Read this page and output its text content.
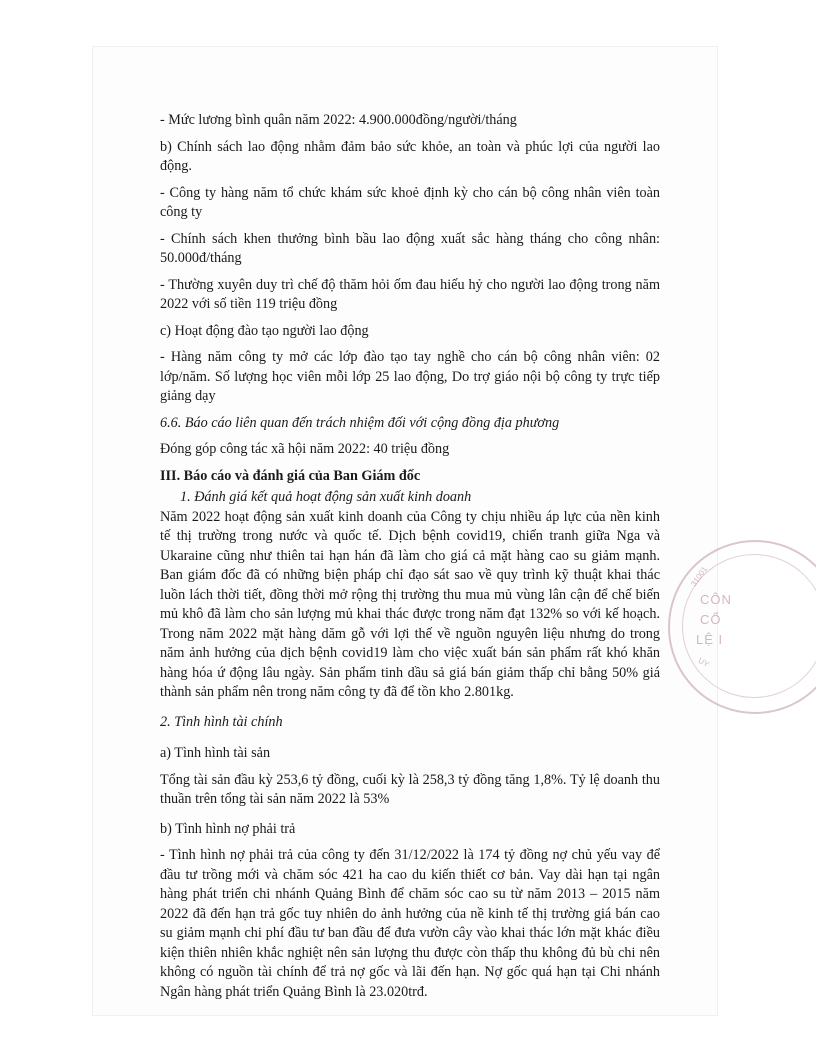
- Mức lương bình quân năm 2022: 4.900.000đồng/người/tháng

b) Chính sách lao động nhằm đảm bảo sức khỏe, an toàn và phúc lợi của người lao động.

- Công ty hàng năm tổ chức khám sức khoẻ định kỳ cho cán bộ công nhân viên toàn công ty

- Chính sách khen thưởng bình bầu lao động xuất sắc hàng tháng cho công nhân: 50.000đ/tháng

- Thường xuyên duy trì chế độ thăm hỏi ốm đau hiếu hỷ cho người lao động trong năm 2022 với số tiền 119 triệu đồng

c) Hoạt động đào tạo người lao động

- Hàng năm công ty mở các lớp đào tạo tay nghề cho cán bộ công nhân viên: 02 lớp/năm. Số lượng học viên mỗi lớp 25 lao động, Do trợ giáo nội bộ công ty trực tiếp giảng dạy

6.6. Báo cáo liên quan đến trách nhiệm đối với cộng đồng địa phương

Đóng góp công tác xã hội năm 2022: 40 triệu đồng

III. Báo cáo và đánh giá của Ban Giám đốc

1. Đánh giá kết quả hoạt động sản xuất kinh doanh

Năm 2022 hoạt động sản xuất kinh doanh của Công ty chịu nhiều áp lực của nền kinh tế thị trường trong nước và quốc tế. Dịch bệnh covid19, chiến tranh giữa Nga và Ukaraine cũng như thiên tai hạn hán đã làm cho giá cả mặt hàng cao su giảm mạnh. Ban giám đốc đã có những biện pháp chỉ đạo sát sao về quy trình kỹ thuật khai thác luồn lách thời tiết, đồng thời mở rộng thị trường thu mua mủ vùng lân cận để chế biến mủ khô đã làm cho sản lượng mủ khai thác được trong năm đạt 132% so với kế hoạch. Trong năm 2022 mặt hàng dăm gỗ với lợi thế về nguồn nguyên liệu nhưng do trong năm ảnh hưởng của dịch bệnh covid19 làm cho việc xuất bán sản phẩm rất khó khăn hàng hóa ứ động lâu ngày. Sản phẩm tinh dầu sả giá bán giảm thấp chỉ bằng 50% giá thành sản phẩm nên trong năm công ty đã để tồn kho 2.801kg.

2. Tình hình tài chính

a) Tình hình tài sản

Tổng tài sản đầu kỳ 253,6 tỷ đồng, cuối kỳ là 258,3 tỷ đồng tăng 1,8%. Tỷ lệ doanh thu thuần trên tổng tài sản năm 2022 là 53%

b) Tình hình nợ phải trả

- Tình hình nợ phải trả của công ty đến 31/12/2022 là 174 tỷ đồng nợ chủ yếu vay để đầu tư trồng mới và chăm sóc 421 ha cao du kiến thiết cơ bản. Vay dài hạn tại ngân hàng phát triển chi nhánh Quảng Bình để chăm sóc cao su từ năm 2013 – 2015 năm 2022 đã đến hạn trả gốc tuy nhiên do ảnh hưởng của nề kinh tế thị trường giá bán cao su giảm mạnh chi phí đầu tư ban đầu để đưa vườn cây vào khai thác lớn mặt khác điều kiện thiên nhiên khắc nghiệt nên sản lượng thu được còn thấp thu không đủ bù chi nên không có nguồn tài chính để trả nợ gốc và lãi đến hạn. Nợ gốc quá hạn tại Chi nhánh Ngân hàng phát triển Quảng Bình là 23.020trđ.

31001
CÔN
CỔ
LỆ I
UY
